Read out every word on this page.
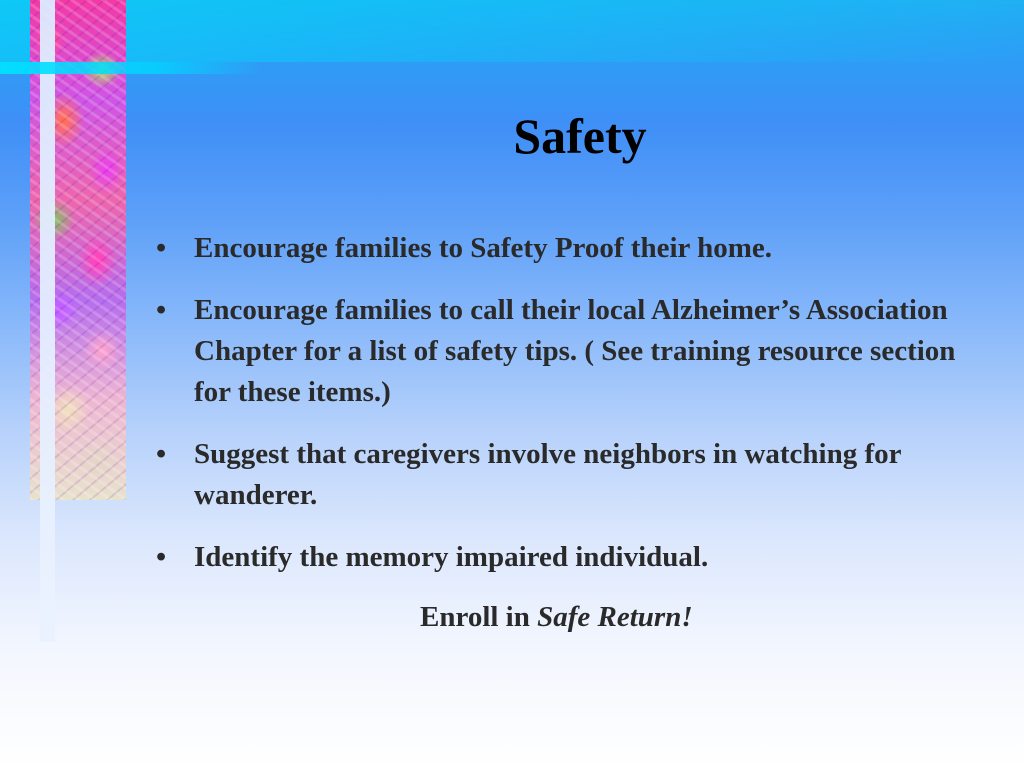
Safety
• Encourage families to Safety Proof their home.
• Encourage families to call their local Alzheimer’s Association Chapter for a list of safety tips. ( See training resource section for these items.)
• Suggest that caregivers involve neighbors in watching for wanderer.
• Identify the memory impaired individual.
Enroll in Safe Return!
